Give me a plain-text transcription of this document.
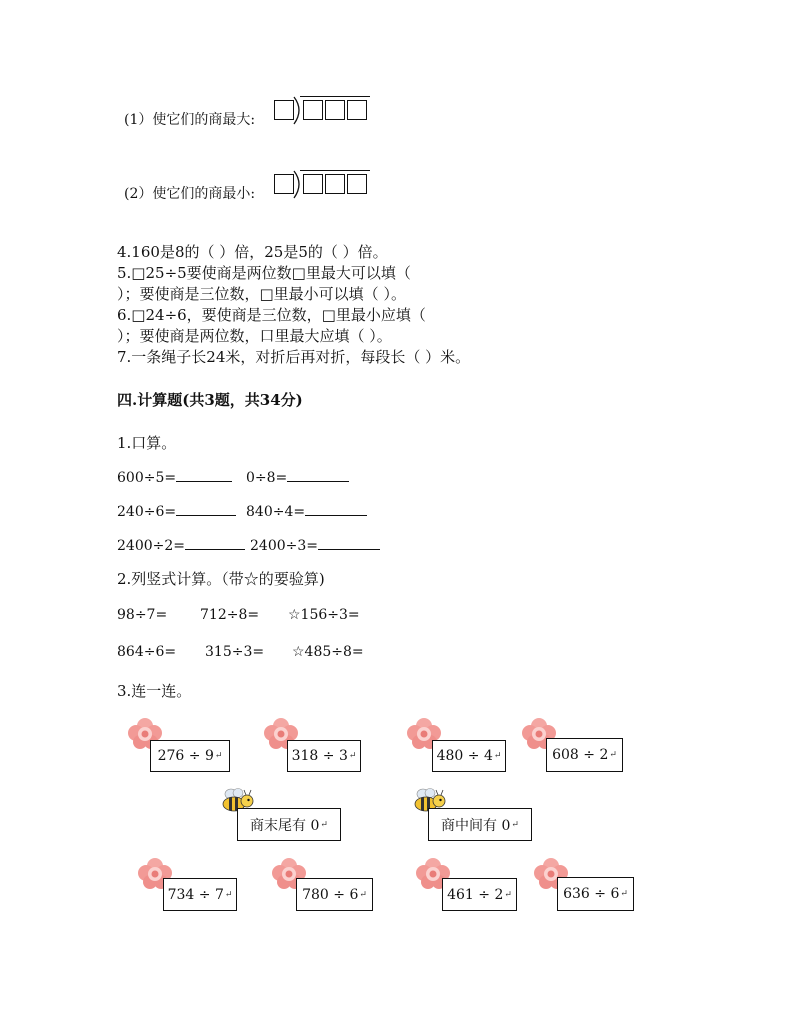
(1）使它们的商最大:
(2）使它们的商最小:
4.160是8的（ ）倍，25是5的（ ）倍。
5.□25÷5要使商是两位数□里最大可以填（
）；要使商是三位数，□里最小可以填（ ）。
6.□24÷6，要使商是三位数，□里最小应填（
）；要使商是两位数，口里最大应填（ ）。
7.一条绳子长24米，对折后再对折，每段长（ ）米。
四.计算题(共3题，共34分)
1.口算。
600÷5=	0÷8=
240÷6=	840÷4=
2400÷2=	2400÷3=
2.列竖式计算。（带☆的要验算)
98÷7= 712÷8= ☆156÷3=
864÷6= 315÷3= ☆485÷8=
3.连一连。
276 ÷ 9 ↵	318 ÷ 3 ↵	480 ÷ 4 ↵	608 ÷ 2 ↵
商末尾有 0 ↵	商中间有 0 ↵
734 ÷ 7 ↵	780 ÷ 6 ↵	461 ÷ 2 ↵	636 ÷ 6 ↵
